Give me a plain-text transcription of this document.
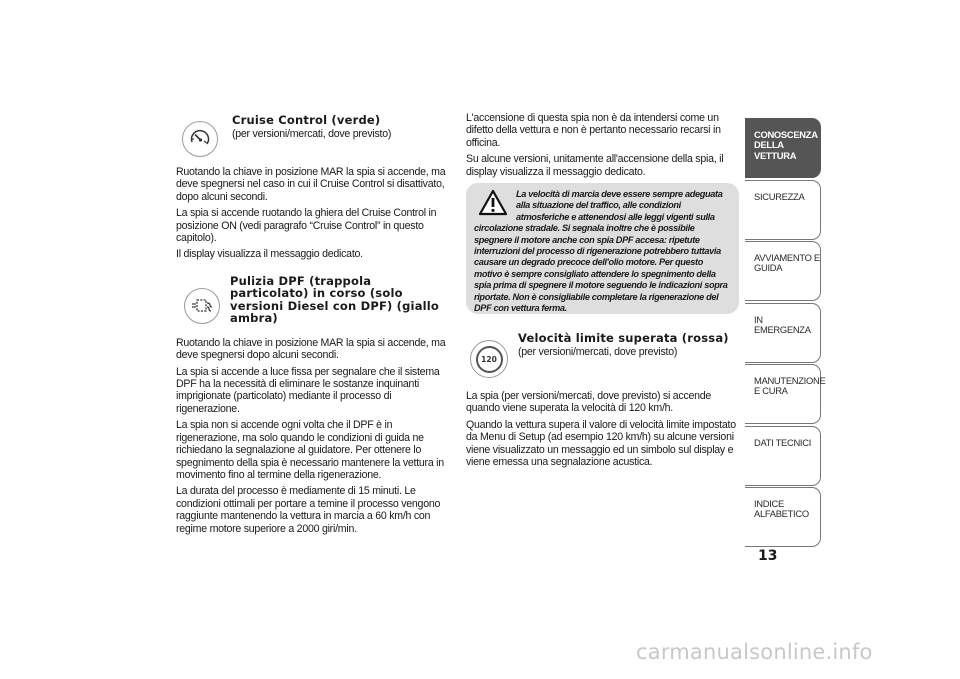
Cruise Control (verde)

(per versioni/mercati, dove previsto)

Ruotando la chiave in posizione MAR la spia si accende, ma deve spegnersi nel caso in cui il Cruise Control si disattivato, dopo alcuni secondi.

La spia si accende ruotando la ghiera del Cruise Control in posizione ON (vedi paragrafo “Cruise Control” in questo capitolo).

Il display visualizza il messaggio dedicato.

Pulizia DPF (trappola particolato) in corso (solo versioni Diesel con DPF) (giallo ambra)

Ruotando la chiave in posizione MAR la spia si accende, ma deve spegnersi dopo alcuni secondi.

La spia si accende a luce fissa per segnalare che il sistema DPF ha la necessità di eliminare le sostanze inquinanti imprigionate (particolato) mediante il processo di rigenerazione.

La spia non si accende ogni volta che il DPF è in rigenerazione, ma solo quando le condizioni di guida ne richiedano la segnalazione al guidatore. Per ottenere lo spegnimento della spia è necessario mantenere la vettura in movimento fino al termine della rigenerazione.

La durata del processo è mediamente di 15 minuti. Le condizioni ottimali per portare a temine il processo vengono raggiunte mantenendo la vettura in marcia a 60 km/h con regime motore superiore a 2000 giri/min.

L'accensione di questa spia non è da intendersi come un difetto della vettura e non è pertanto necessario recarsi in officina.

Su alcune versioni, unitamente all'accensione della spia, il display visualizza il messaggio dedicato.

La velocità di marcia deve essere sempre adeguata alla situazione del traffico, alle condizioni atmosferiche e attenendosi alle leggi vigenti sulla circolazione stradale. Si segnala inoltre che è possibile spegnere il motore anche con spia DPF accesa: ripetute interruzioni del processo di rigenerazione potrebbero tuttavia causare un degrado precoce dell'olio motore. Per questo motivo è sempre consigliato attendere lo spegnimento della spia prima di spegnere il motore seguendo le indicazioni sopra riportate. Non è consigliabile completare la rigenerazione del DPF con vettura ferma.
120

Velocità limite superata (rossa)

(per versioni/mercati, dove previsto)

La spia (per versioni/mercati, dove previsto) si accende quando viene superata la velocità di 120 km/h.

Quando la vettura supera il valore di velocità limite impostato da Menu di Setup (ad esempio 120 km/h) su alcune versioni viene visualizzato un messaggio ed un simbolo sul display e viene emessa una segnalazione acustica.

CONOSCENZA DELLA VETTURA
SICUREZZA
AVVIAMENTO E GUIDA
IN EMERGENZA
MANUTENZIONE E CURA
DATI TECNICI
INDICE ALFABETICO
13
carmanualsonline.info
